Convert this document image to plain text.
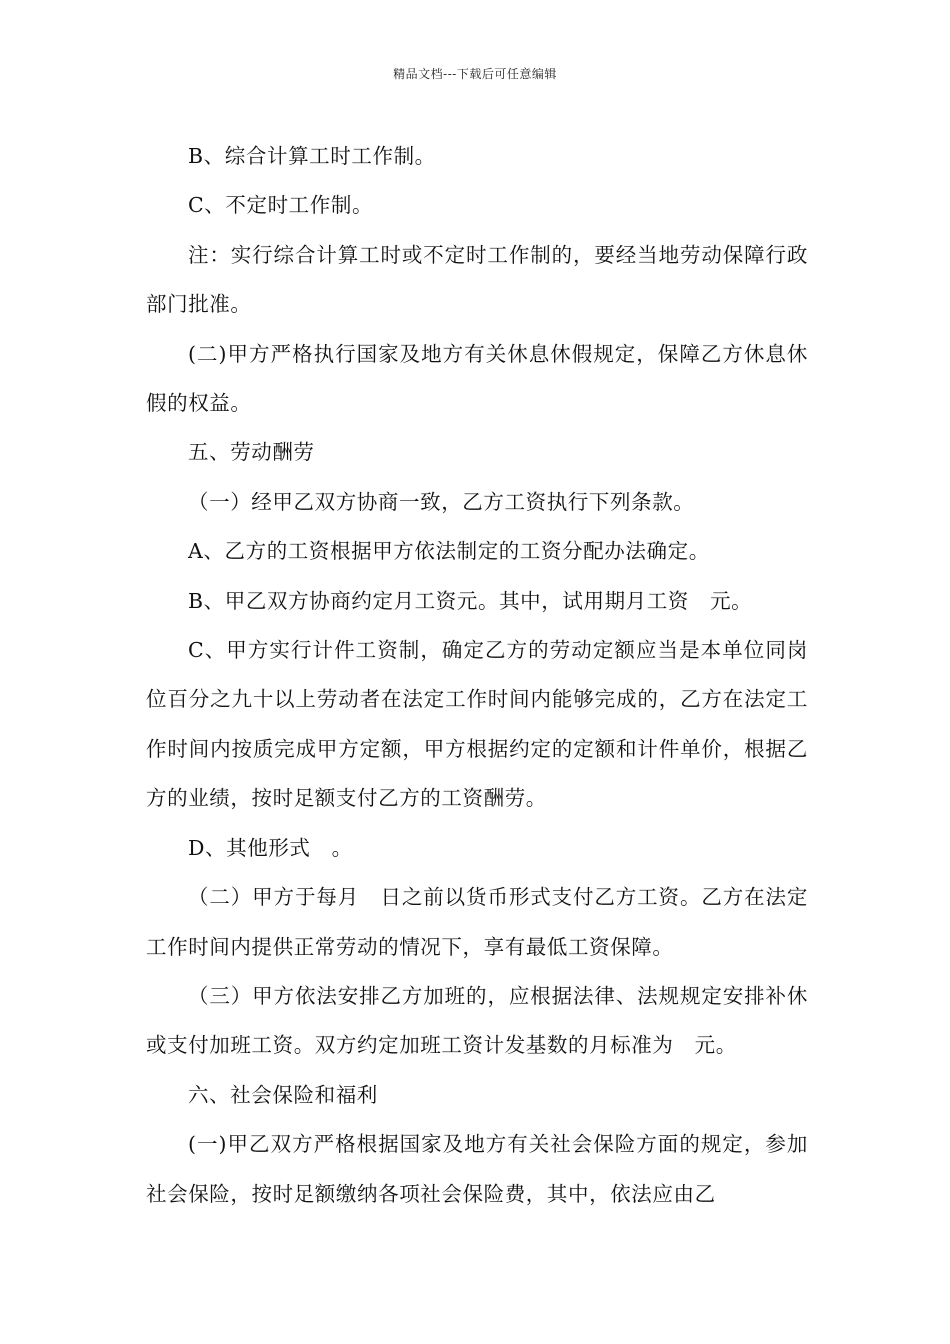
精品文档---下载后可任意编辑

B、综合计算工时工作制。

C、不定时工作制。

注：实行综合计算工时或不定时工作制的，要经当地劳动保障行政部门批准。

(二)甲方严格执行国家及地方有关休息休假规定，保障乙方休息休假的权益。

五、劳动酬劳

（一）经甲乙双方协商一致，乙方工资执行下列条款。

A、乙方的工资根据甲方依法制定的工资分配办法确定。

B、甲乙双方协商约定月工资元。其中，试用期月工资　元。

C、甲方实行计件工资制，确定乙方的劳动定额应当是本单位同岗位百分之九十以上劳动者在法定工作时间内能够完成的，乙方在法定工作时间内按质完成甲方定额，甲方根据约定的定额和计件单价，根据乙方的业绩，按时足额支付乙方的工资酬劳。

D、其他形式　。

（二）甲方于每月　日之前以货币形式支付乙方工资。乙方在法定工作时间内提供正常劳动的情况下，享有最低工资保障。

（三）甲方依法安排乙方加班的，应根据法律、法规规定安排补休或支付加班工资。双方约定加班工资计发基数的月标准为　元。

六、社会保险和福利

(一)甲乙双方严格根据国家及地方有关社会保险方面的规定，参加社会保险，按时足额缴纳各项社会保险费，其中，依法应由乙
